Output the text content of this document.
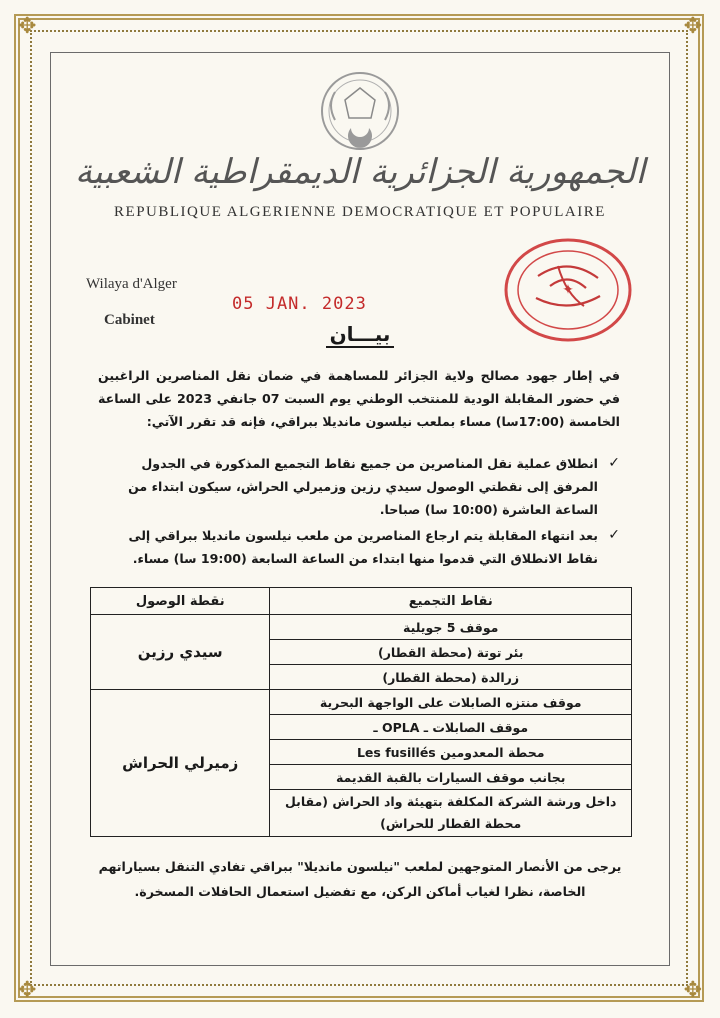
✥	✥
✥	✥
الجمهورية الجزائرية الديمقراطية الشعبية
REPUBLIQUE ALGERIENNE DEMOCRATIQUE ET POPULAIRE
Wilaya d'Alger
Cabinet
05 JAN. 2023
✦
بيـــان
في إطار جهود مصالح ولاية الجزائر للمساهمة في ضمان نقل المناصرين الراغبين في حضور المقابلة الودية للمنتخب الوطني يوم السبت 07 جانفي 2023 على الساعة الخامسة (17:00سا) مساء بملعب نيلسون مانديلا ببراقي، فإنه قد تقرر الآتي:
✓
انطلاق عملية نقل المناصرين من جميع نقاط التجميع المذكورة في الجدول المرفق إلى نقطتي الوصول سيدي رزين وزميرلي الحراش، سيكون ابتداء من الساعة العاشرة (10:00 سا) صباحا.
✓
بعد انتهاء المقابلة يتم ارجاع المناصرين من ملعب نيلسون مانديلا ببراقي إلى نقاط الانطلاق التي قدموا منها ابتداء من الساعة السابعة (19:00 سا) مساء.
نقاط التجميع	نقطة الوصول
موقف 5 جويلية	سيدي رزين
بئر توتة (محطة القطار)	
زرالدة (محطة القطار)	
موقف منتزه الصابلات على الواجهة البحرية	زميرلي الحراش
موقف الصابلات ـ OPLA ـ	
محطة المعدومين Les fusillés	
بجانب موقف السيارات بالقبة القديمة	
داخل ورشة الشركة المكلفة بتهيئة واد الحراش (مقابل محطة القطار للحراش)	
يرجى من الأنصار المتوجهين لملعب "نيلسون مانديلا" ببراقي تفادي التنقل بسياراتهم الخاصة، نظرا لغياب أماكن الركن، مع تفضيل استعمال الحافلات المسخرة.
